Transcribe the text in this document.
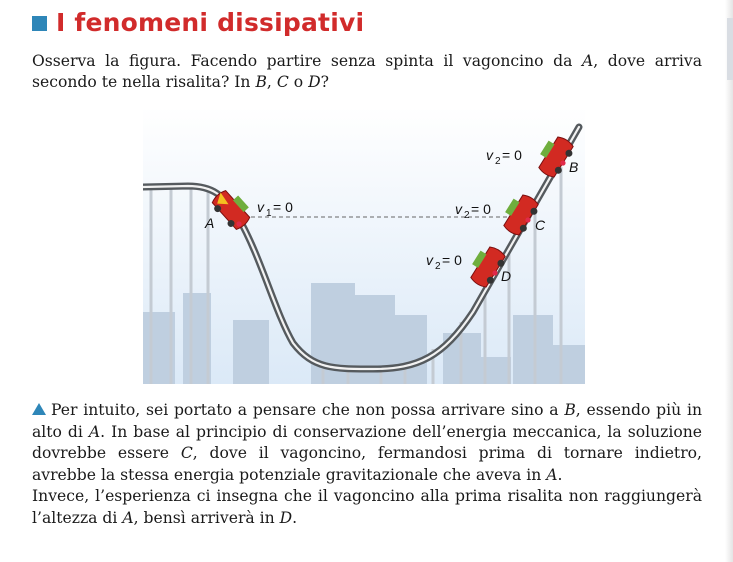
I fenomeni dissipativi
Osserva la figura. Facendo partire senza spinta il vagoncino da A, dove arriva secondo te nella risalita? In B, C o D?
A
B
C
D
v 1 = 0
v 2 = 0
v 2 = 0
v 2 = 0

Per intuito, sei portato a pensare che non possa arrivare sino a B, essendo più in alto di A. In base al principio di conservazione dell’energia meccanica, la soluzione dovrebbe essere C, dove il vagoncino, fermandosi prima di tornare indietro, avrebbe la stessa energia potenziale gravitazionale che aveva in A.

Invece, l’esperienza ci insegna che il vagoncino alla prima risalita non raggiungerà l’altezza di A, bensì arriverà in D.
